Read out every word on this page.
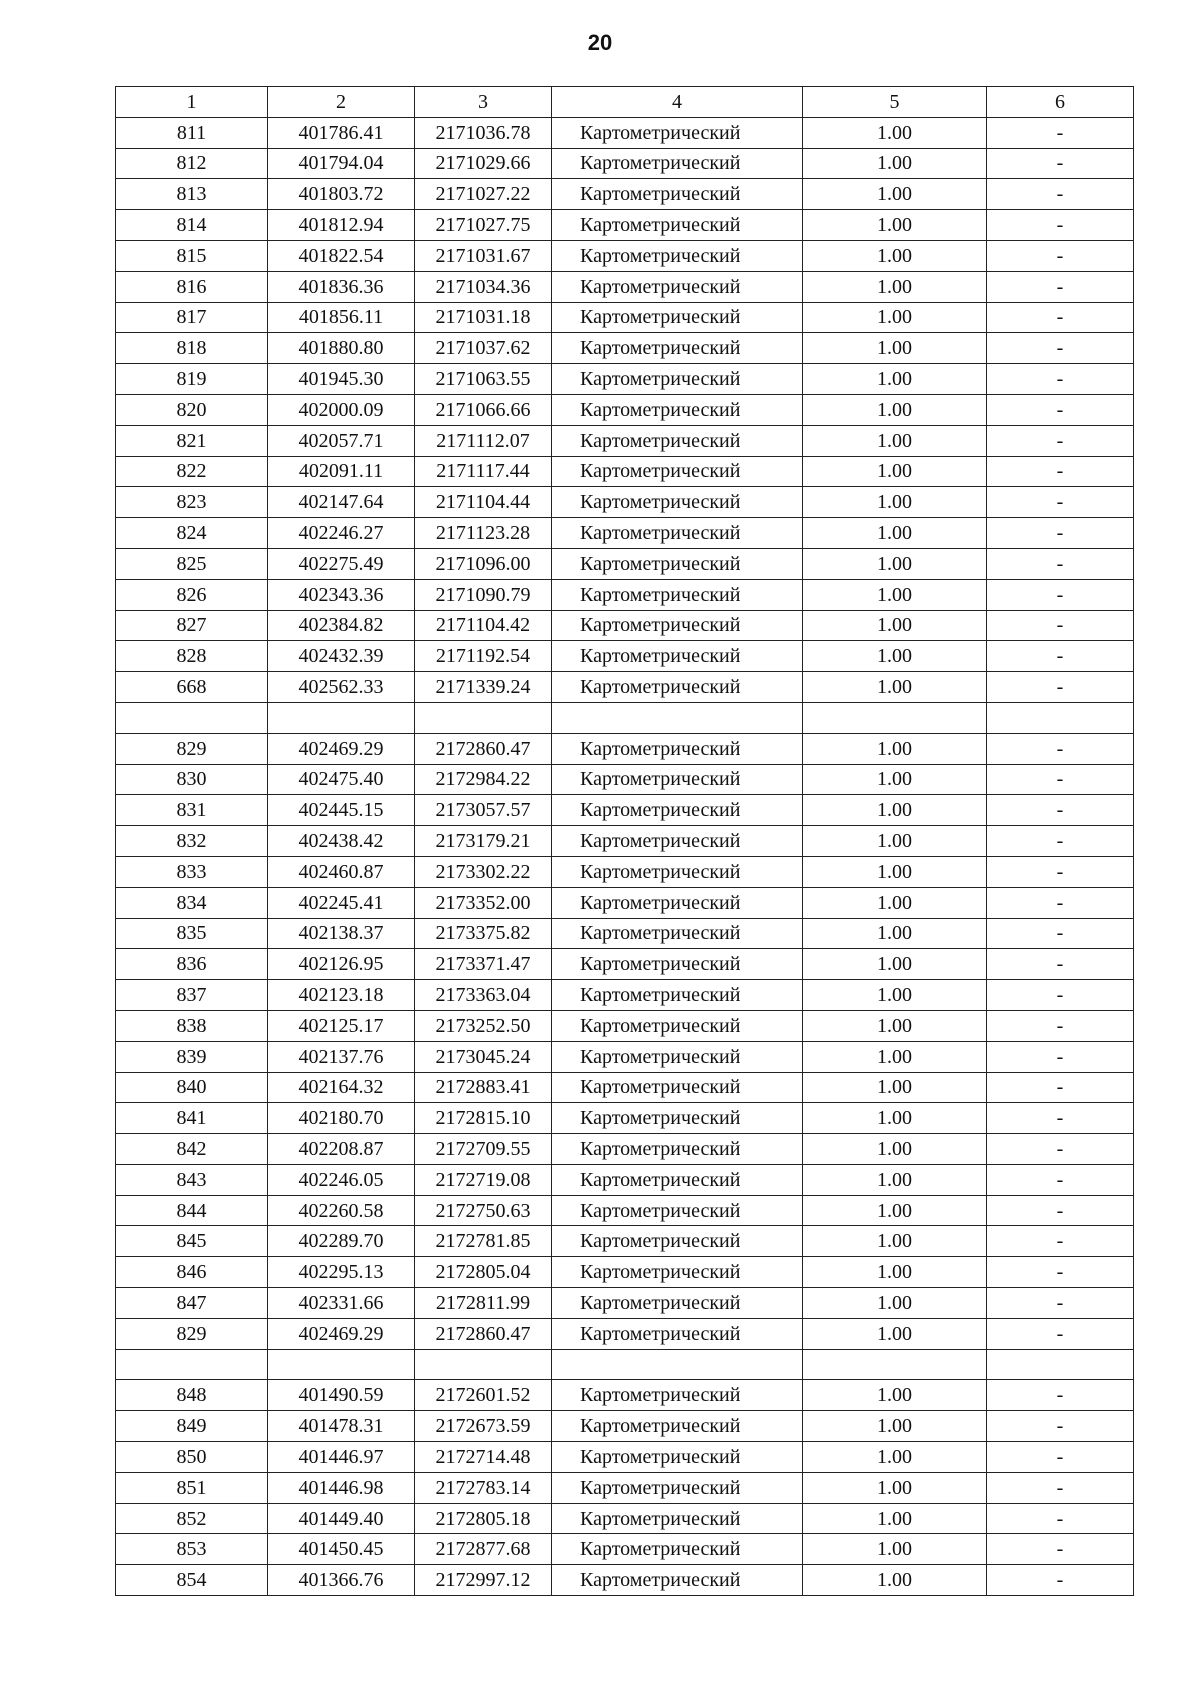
20
1	2	3	4	5	6
811	401786.41	2171036.78	Картометрический	1.00	-
812	401794.04	2171029.66	Картометрический	1.00	-
813	401803.72	2171027.22	Картометрический	1.00	-
814	401812.94	2171027.75	Картометрический	1.00	-
815	401822.54	2171031.67	Картометрический	1.00	-
816	401836.36	2171034.36	Картометрический	1.00	-
817	401856.11	2171031.18	Картометрический	1.00	-
818	401880.80	2171037.62	Картометрический	1.00	-
819	401945.30	2171063.55	Картометрический	1.00	-
820	402000.09	2171066.66	Картометрический	1.00	-
821	402057.71	2171112.07	Картометрический	1.00	-
822	402091.11	2171117.44	Картометрический	1.00	-
823	402147.64	2171104.44	Картометрический	1.00	-
824	402246.27	2171123.28	Картометрический	1.00	-
825	402275.49	2171096.00	Картометрический	1.00	-
826	402343.36	2171090.79	Картометрический	1.00	-
827	402384.82	2171104.42	Картометрический	1.00	-
828	402432.39	2171192.54	Картометрический	1.00	-
668	402562.33	2171339.24	Картометрический	1.00	-

829	402469.29	2172860.47	Картометрический	1.00	-
830	402475.40	2172984.22	Картометрический	1.00	-
831	402445.15	2173057.57	Картометрический	1.00	-
832	402438.42	2173179.21	Картометрический	1.00	-
833	402460.87	2173302.22	Картометрический	1.00	-
834	402245.41	2173352.00	Картометрический	1.00	-
835	402138.37	2173375.82	Картометрический	1.00	-
836	402126.95	2173371.47	Картометрический	1.00	-
837	402123.18	2173363.04	Картометрический	1.00	-
838	402125.17	2173252.50	Картометрический	1.00	-
839	402137.76	2173045.24	Картометрический	1.00	-
840	402164.32	2172883.41	Картометрический	1.00	-
841	402180.70	2172815.10	Картометрический	1.00	-
842	402208.87	2172709.55	Картометрический	1.00	-
843	402246.05	2172719.08	Картометрический	1.00	-
844	402260.58	2172750.63	Картометрический	1.00	-
845	402289.70	2172781.85	Картометрический	1.00	-
846	402295.13	2172805.04	Картометрический	1.00	-
847	402331.66	2172811.99	Картометрический	1.00	-
829	402469.29	2172860.47	Картометрический	1.00	-

848	401490.59	2172601.52	Картометрический	1.00	-
849	401478.31	2172673.59	Картометрический	1.00	-
850	401446.97	2172714.48	Картометрический	1.00	-
851	401446.98	2172783.14	Картометрический	1.00	-
852	401449.40	2172805.18	Картометрический	1.00	-
853	401450.45	2172877.68	Картометрический	1.00	-
854	401366.76	2172997.12	Картометрический	1.00	-
